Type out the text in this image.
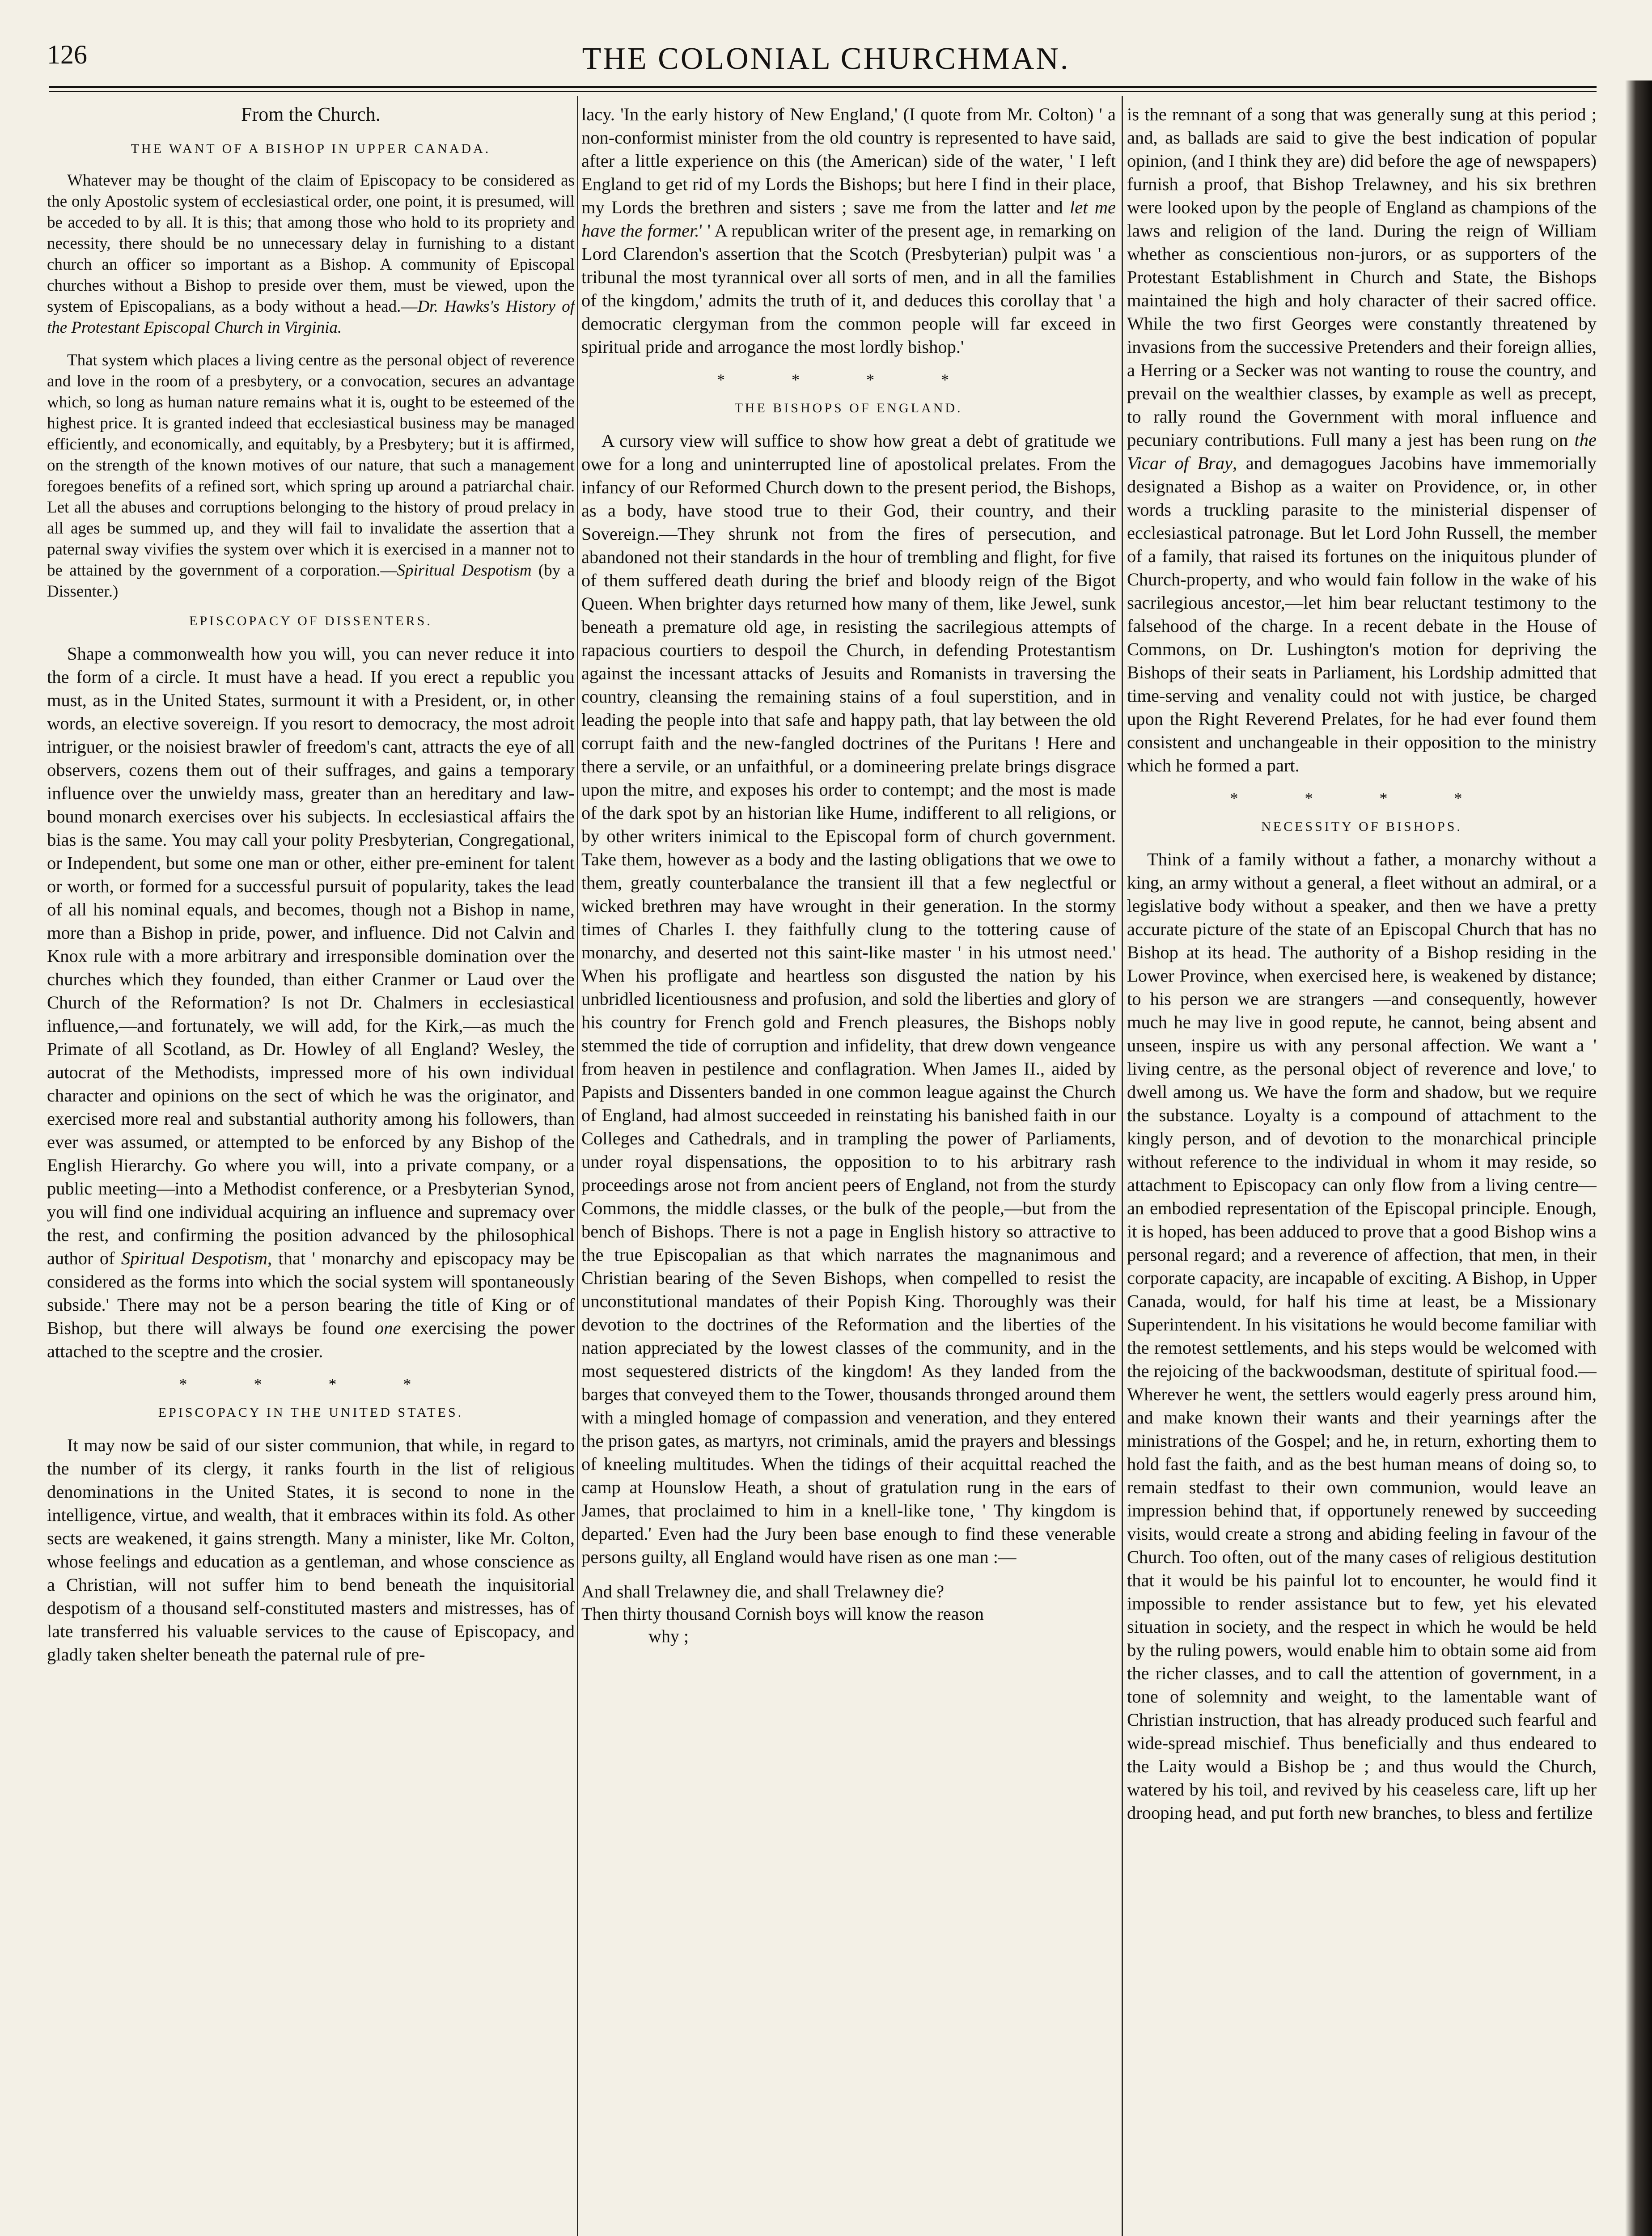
126	THE COLONIAL CHURCHMAN.

From the Church.

THE WANT OF A BISHOP IN UPPER CANADA.

Whatever may be thought of the claim of Episcopacy to be considered as the only Apostolic system of ecclesiastical order, one point, it is presumed, will be acceded to by all. It is this; that among those who hold to its propriety and necessity, there should be no unnecessary delay in furnishing to a distant church an officer so important as a Bishop. A community of Episcopal churches without a Bishop to preside over them, must be viewed, upon the system of Episcopalians, as a body without a head.—Dr. Hawks's History of the Protestant Episcopal Church in Virginia.

That system which places a living centre as the personal object of reverence and love in the room of a presbytery, or a convocation, secures an advantage which, so long as human nature remains what it is, ought to be esteemed of the highest price. It is granted indeed that ecclesiastical business may be managed efficiently, and economically, and equitably, by a Presbytery; but it is affirmed, on the strength of the known motives of our nature, that such a management foregoes benefits of a refined sort, which spring up around a patriarchal chair. Let all the abuses and corruptions belonging to the history of proud prelacy in all ages be summed up, and they will fail to invalidate the assertion that a paternal sway vivifies the system over which it is exercised in a manner not to be attained by the government of a corporation.—Spiritual Despotism (by a Dissenter.)

EPISCOPACY OF DISSENTERS.

Shape a commonwealth how you will, you can never reduce it into the form of a circle. It must have a head. If you erect a republic you must, as in the United States, surmount it with a President, or, in other words, an elective sovereign. If you resort to democracy, the most adroit intriguer, or the noisiest brawler of freedom's cant, attracts the eye of all observers, cozens them out of their suffrages, and gains a temporary influence over the unwieldy mass, greater than an hereditary and law-bound monarch exercises over his subjects. In ecclesiastical affairs the bias is the same. You may call your polity Presbyterian, Congregational, or Independent, but some one man or other, either pre-eminent for talent or worth, or formed for a successful pursuit of popularity, takes the lead of all his nominal equals, and becomes, though not a Bishop in name, more than a Bishop in pride, power, and influence. Did not Calvin and Knox rule with a more arbitrary and irresponsible domination over the churches which they founded, than either Cranmer or Laud over the Church of the Reformation? Is not Dr. Chalmers in ecclesiastical influence,—and fortunately, we will add, for the Kirk,—as much the Primate of all Scotland, as Dr. Howley of all England? Wesley, the autocrat of the Methodists, impressed more of his own individual character and opinions on the sect of which he was the originator, and exercised more real and substantial authority among his followers, than ever was assumed, or attempted to be enforced by any Bishop of the English Hierarchy. Go where you will, into a private company, or a public meeting—into a Methodist conference, or a Presbyterian Synod, you will find one individual acquiring an influence and supremacy over the rest, and confirming the position advanced by the philosophical author of Spiritual Despotism, that ' monarchy and episcopacy may be considered as the forms into which the social system will spontaneously subside.' There may not be a person bearing the title of King or of Bishop, but there will always be found one exercising the power attached to the sceptre and the crosier.

* * * *
EPISCOPACY IN THE UNITED STATES.

It may now be said of our sister communion, that while, in regard to the number of its clergy, it ranks fourth in the list of religious denominations in the United States, it is second to none in the intelligence, virtue, and wealth, that it embraces within its fold. As other sects are weakened, it gains strength. Many a minister, like Mr. Colton, whose feelings and education as a gentleman, and whose conscience as a Christian, will not suffer him to bend beneath the inquisitorial despotism of a thousand self-constituted masters and mistresses, has of late transferred his valuable services to the cause of Episcopacy, and gladly taken shelter beneath the paternal rule of pre-

lacy. 'In the early history of New England,' (I quote from Mr. Colton) ' a non-conformist minister from the old country is represented to have said, after a little experience on this (the American) side of the water, ' I left England to get rid of my Lords the Bishops; but here I find in their place, my Lords the brethren and sisters ; save me from the latter and let me have the former.' ' A republican writer of the present age, in remarking on Lord Clarendon's assertion that the Scotch (Presbyterian) pulpit was ' a tribunal the most tyrannical over all sorts of men, and in all the families of the kingdom,' admits the truth of it, and deduces this corollay that ' a democratic clergyman from the common people will far exceed in spiritual pride and arrogance the most lordly bishop.'

* * * *
THE BISHOPS OF ENGLAND.

A cursory view will suffice to show how great a debt of gratitude we owe for a long and uninterrupted line of apostolical prelates. From the infancy of our Reformed Church down to the present period, the Bishops, as a body, have stood true to their God, their country, and their Sovereign.—They shrunk not from the fires of persecution, and abandoned not their standards in the hour of trembling and flight, for five of them suffered death during the brief and bloody reign of the Bigot Queen. When brighter days returned how many of them, like Jewel, sunk beneath a premature old age, in resisting the sacrilegious attempts of rapacious courtiers to despoil the Church, in defending Protestantism against the incessant attacks of Jesuits and Romanists in traversing the country, cleansing the remaining stains of a foul superstition, and in leading the people into that safe and happy path, that lay between the old corrupt faith and the new-fangled doctrines of the Puritans ! Here and there a servile, or an unfaithful, or a domineering prelate brings disgrace upon the mitre, and exposes his order to contempt; and the most is made of the dark spot by an historian like Hume, indifferent to all religions, or by other writers inimical to the Episcopal form of church government. Take them, however as a body and the lasting obligations that we owe to them, greatly counterbalance the transient ill that a few neglectful or wicked brethren may have wrought in their generation. In the stormy times of Charles I. they faithfully clung to the tottering cause of monarchy, and deserted not this saint-like master ' in his utmost need.' When his profligate and heartless son disgusted the nation by his unbridled licentiousness and profusion, and sold the liberties and glory of his country for French gold and French pleasures, the Bishops nobly stemmed the tide of corruption and infidelity, that drew down vengeance from heaven in pestilence and conflagration. When James II., aided by Papists and Dissenters banded in one common league against the Church of England, had almost succeeded in reinstating his banished faith in our Colleges and Cathedrals, and in trampling the power of Parliaments, under royal dispensations, the opposition to to his arbitrary rash proceedings arose not from ancient peers of England, not from the sturdy Commons, the middle classes, or the bulk of the people,—but from the bench of Bishops. There is not a page in English history so attractive to the true Episcopalian as that which narrates the magnanimous and Christian bearing of the Seven Bishops, when compelled to resist the unconstitutional mandates of their Popish King. Thoroughly was their devotion to the doctrines of the Reformation and the liberties of the nation appreciated by the lowest classes of the community, and in the most sequestered districts of the kingdom! As they landed from the barges that conveyed them to the Tower, thousands thronged around them with a mingled homage of compassion and veneration, and they entered the prison gates, as martyrs, not criminals, amid the prayers and blessings of kneeling multitudes. When the tidings of their acquittal reached the camp at Hounslow Heath, a shout of gratulation rung in the ears of James, that proclaimed to him in a knell-like tone, ' Thy kingdom is departed.' Even had the Jury been base enough to find these venerable persons guilty, all England would have risen as one man :—

And shall Trelawney die, and shall Trelawney die?

Then thirty thousand Cornish boys will know the reason

why ;

is the remnant of a song that was generally sung at this period ; and, as ballads are said to give the best indication of popular opinion, (and I think they are) did before the age of newspapers) furnish a proof, that Bishop Trelawney, and his six brethren were looked upon by the people of England as champions of the laws and religion of the land. During the reign of William whether as conscientious non-jurors, or as supporters of the Protestant Establishment in Church and State, the Bishops maintained the high and holy character of their sacred office. While the two first Georges were constantly threatened by invasions from the successive Pretenders and their foreign allies, a Herring or a Secker was not wanting to rouse the country, and prevail on the wealthier classes, by example as well as precept, to rally round the Government with moral influence and pecuniary contributions. Full many a jest has been rung on the Vicar of Bray, and demagogues Jacobins have immemorially designated a Bishop as a waiter on Providence, or, in other words a truckling parasite to the ministerial dispenser of ecclesiastical patronage. But let Lord John Russell, the member of a family, that raised its fortunes on the iniquitous plunder of Church-property, and who would fain follow in the wake of his sacrilegious ancestor,—let him bear reluctant testimony to the falsehood of the charge. In a recent debate in the House of Commons, on Dr. Lushington's motion for depriving the Bishops of their seats in Parliament, his Lordship admitted that time-serving and venality could not with justice, be charged upon the Right Reverend Prelates, for he had ever found them consistent and unchangeable in their opposition to the ministry which he formed a part.

* * * *
NECESSITY OF BISHOPS.

Think of a family without a father, a monarchy without a king, an army without a general, a fleet without an admiral, or a legislative body without a speaker, and then we have a pretty accurate picture of the state of an Episcopal Church that has no Bishop at its head. The authority of a Bishop residing in the Lower Province, when exercised here, is weakened by distance; to his person we are strangers —and consequently, however much he may live in good repute, he cannot, being absent and unseen, inspire us with any personal affection. We want a ' living centre, as the personal object of reverence and love,' to dwell among us. We have the form and shadow, but we require the substance. Loyalty is a compound of attachment to the kingly person, and of devotion to the monarchical principle without reference to the individual in whom it may reside, so attachment to Episcopacy can only flow from a living centre—an embodied representation of the Episcopal principle. Enough, it is hoped, has been adduced to prove that a good Bishop wins a personal regard; and a reverence of affection, that men, in their corporate capacity, are incapable of exciting. A Bishop, in Upper Canada, would, for half his time at least, be a Missionary Superintendent. In his visitations he would become familiar with the remotest settlements, and his steps would be welcomed with the rejoicing of the backwoodsman, destitute of spiritual food.—Wherever he went, the settlers would eagerly press around him, and make known their wants and their yearnings after the ministrations of the Gospel; and he, in return, exhorting them to hold fast the faith, and as the best human means of doing so, to remain stedfast to their own communion, would leave an impression behind that, if opportunely renewed by succeeding visits, would create a strong and abiding feeling in favour of the Church. Too often, out of the many cases of religious destitution that it would be his painful lot to encounter, he would find it impossible to render assistance but to few, yet his elevated situation in society, and the respect in which he would be held by the ruling powers, would enable him to obtain some aid from the richer classes, and to call the attention of government, in a tone of solemnity and weight, to the lamentable want of Christian instruction, that has already produced such fearful and wide-spread mischief. Thus beneficially and thus endeared to the Laity would a Bishop be ; and thus would the Church, watered by his toil, and revived by his ceaseless care, lift up her drooping head, and put forth new branches, to bless and fertilize
